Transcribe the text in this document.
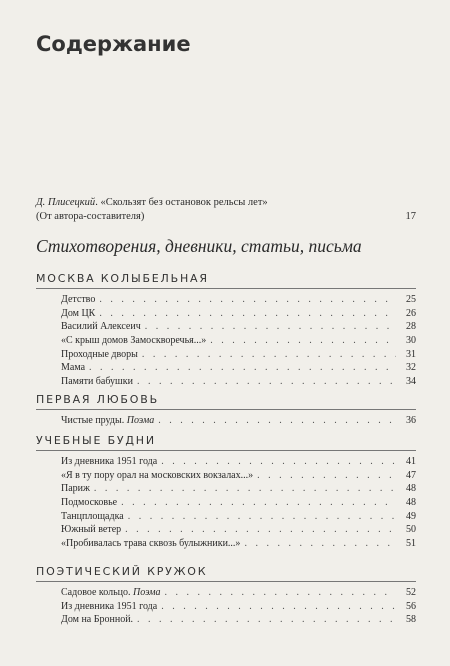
Содержание
Д. Плисецкий. «Скользят без остановок рельсы лет»
(От автора-составителя)	17
Стихотворения, дневники, статьи, письма
МОСКВА КОЛЫБЕЛЬНАЯ
Детство . . .	25
Дом ЦК . . .	26
Василий Алексеич . . .	28
«С крыш домов Замоскворечья...» . . .	30
Проходные дворы . . .	31
Мама . . .	32
Памяти бабушки . . .	34
ПЕРВАЯ ЛЮБОВЬ
Чистые пруды. Поэма . . .	36
УЧЕБНЫЕ БУДНИ
Из дневника 1951 года . . .	41
«Я в ту пору орал на московских вокзалах...» . . .	47
Париж . . .	48
Подмосковье . . .	48
Танцплощадка . . .	49
Южный ветер . . .	50
«Пробивалась трава сквозь булыжники...» . . .	51
ПОЭТИЧЕСКИЙ КРУЖОК
Садовое кольцо. Поэма . . .	52
Из дневника 1951 года . . .	56
Дом на Бронной. . . .	58
